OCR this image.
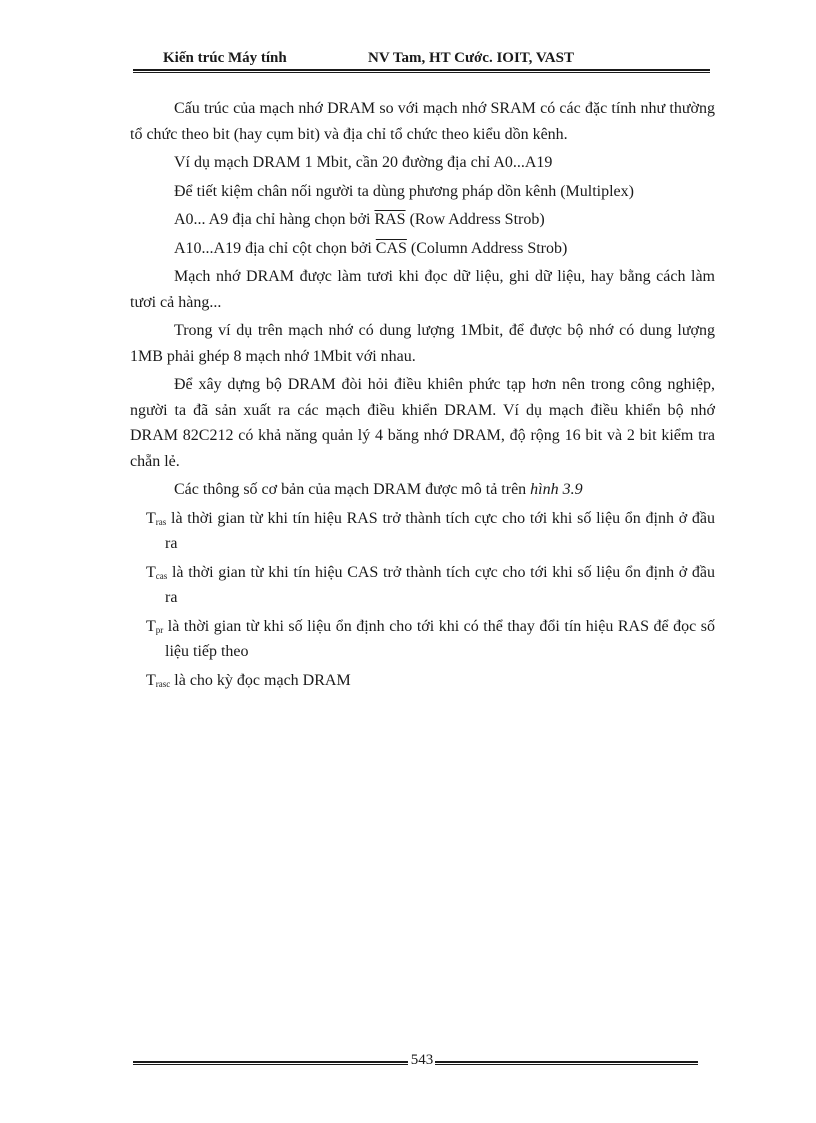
Kiến trúc Máy tính	NV Tam, HT Cước. IOIT, VAST

Cấu trúc của mạch nhớ DRAM so với mạch nhớ SRAM có các đặc tính như thường tổ chức theo bit (hay cụm bit) và địa chỉ tổ chức theo kiểu dồn kênh.

Ví dụ mạch DRAM 1 Mbit, cần 20 đường địa chỉ A0...A19

Để tiết kiệm chân nối người ta dùng phương pháp dồn kênh (Multiplex)

A0... A9 địa chỉ hàng chọn bởi $\overline{RAS}$ (Row Address Strob)

A10...A19 địa chỉ cột chọn bởi $\overline{CAS}$ (Column Address Strob)

Mạch nhớ DRAM được làm tươi khi đọc dữ liệu, ghi dữ liệu, hay bằng cách làm tươi cả hàng...

Trong ví dụ trên mạch nhớ có dung lượng 1Mbit, để được bộ nhớ có dung lượng 1MB phải ghép 8 mạch nhớ 1Mbit với nhau.

Để xây dựng bộ DRAM đòi hỏi điều khiên phức tạp hơn nên trong công nghiệp, người ta đã sản xuất ra các mạch điều khiển DRAM. Ví dụ mạch điều khiển bộ nhớ DRAM 82C212 có khả năng quản lý 4 băng nhớ DRAM, độ rộng 16 bit và 2 bit kiểm tra chẵn lẻ.

Các thông số cơ bản của mạch DRAM được mô tả trên hình 3.9

$T_{ras}$ là thời gian từ khi tín hiệu RAS trở thành tích cực cho tới khi số liệu ổn định ở đầu ra

$T_{cas}$ là thời gian từ khi tín hiệu CAS trở thành tích cực cho tới khi số liệu ổn định ở đầu ra

$T_{pr}$ là thời gian từ khi số liệu ổn định cho tới khi có thể thay đổi tín hiệu RAS để đọc số liệu tiếp theo

$T_{rasc}$ là cho kỳ đọc mạch DRAM

543
